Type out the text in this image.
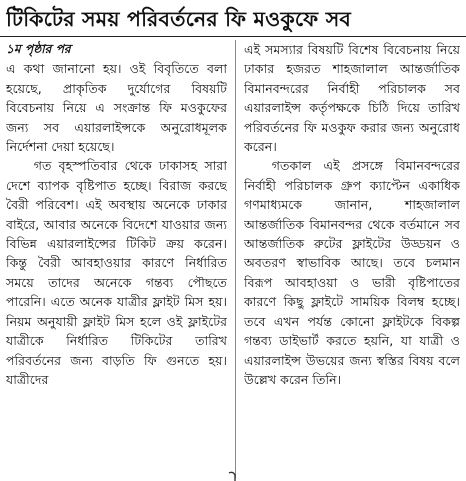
টিকিটের সময় পরিবর্তনের ফি মওকুফে সব
১ম পৃষ্ঠার পর

এ কথা জানানো হয়। ওই বিবৃতিতে বলা হয়েছে, প্রাকৃতিক দুর্যোগের বিষয়টি বিবেচনায় নিয়ে এ সংক্রান্ত ফি মওকুফের জন্য সব এয়ারলাইন্সকে অনুরোধমূলক নির্দেশনা দেয়া হয়েছে।

গত বৃহস্পতিবার থেকে ঢাকাসহ সারা দেশে ব্যাপক বৃষ্টিপাত হচ্ছে। বিরাজ করছে বৈরী পরিবেশ। এই অবস্থায় অনেকে ঢাকার বাইরে, আবার অনেকে বিদেশে যাওয়ার জন্য বিভিন্ন এয়ারলাইন্সের টিকিট ক্রয় করেন। কিন্তু বৈরী আবহাওয়ার কারণে নির্ধারিত সময়ে তাদের অনেকে গন্তব্য পৌছতে পারেনি। এতে অনেক যাত্রীর ফ্লাইট মিস হয়। নিয়ম অনুযায়ী ফ্লাইট মিস হলে ওই ফ্লাইটের যাত্রীকে নির্ধারিত টিকিটের তারিখ পরিবর্তনের জন্য বাড়তি ফি গুনতে হয়। যাত্রীদের

এই সমস্যার বিষয়টি বিশেষ বিবেচনায় নিয়ে ঢাকার হজরত শাহজালাল আন্তর্জাতিক বিমানবন্দরের নির্বাহী পরিচালক সব এয়ারলাইন্স কর্তৃপক্ষকে চিঠি দিয়ে তারিখ পরিবর্তনের ফি মওকুফ করার জন্য অনুরোধ করেন।

গতকাল এই প্রসঙ্গে বিমানবন্দরের নির্বাহী পরিচালক গ্রুপ ক্যাপ্টেন একাধিক গণমাধ্যমকে জানান, শাহজালাল আন্তর্জাতিক বিমানবন্দর থেকে বর্তমানে সব আন্তর্জাতিক রুটের ফ্লাইটের উড্ডয়ন ও অবতরণ স্বাভাবিক আছে। তবে চলমান বিরূপ আবহাওয়া ও ভারী বৃষ্টিপাতের কারণে কিছু ফ্লাইটে সাময়িক বিলম্ব হচ্ছে। তবে এখন পর্যন্ত কোনো ফ্লাইটকে বিকল্প গন্তব্য ডাইভার্ট করতে হয়নি, যা যাত্রী ও এয়ারলাইন্স উভয়ের জন্য স্বস্তির বিষয় বলে উল্লেখ করেন তিনি।
